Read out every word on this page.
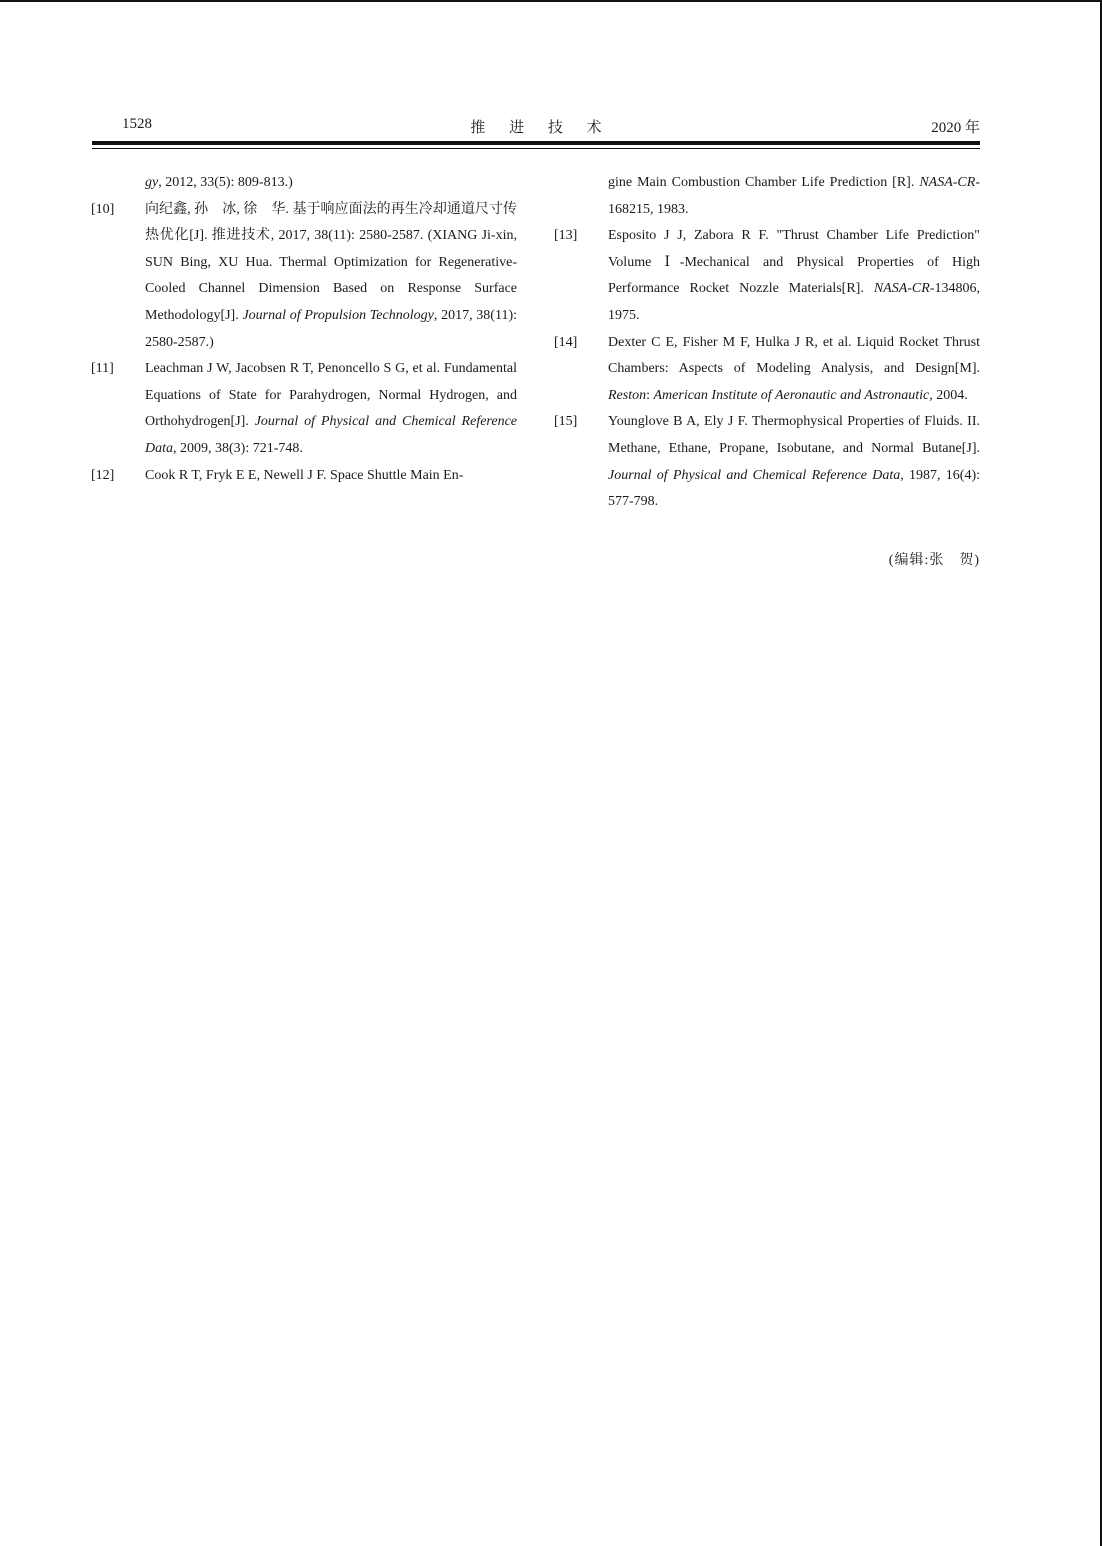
1528	推 进 技 术	2020 年
gy, 2012, 33(5): 809-813.)
[10]	向纪鑫, 孙　冰, 徐　华. 基于响应面法的再生冷却通道尺寸传热优化[J]. 推进技术, 2017, 38(11): 2580-2587. (XIANG Ji-xin, SUN Bing, XU Hua. Thermal Optimization for Regenerative-Cooled Channel Dimension Based on Response Surface Methodology[J]. Journal of Propulsion Technology, 2017, 38(11): 2580-2587.)
[11]	Leachman J W, Jacobsen R T, Penoncello S G, et al. Fundamental Equations of State for Parahydrogen, Normal Hydrogen, and Orthohydrogen[J]. Journal of Physical and Chemical Reference Data, 2009, 38(3): 721-748.
[12]	Cook R T, Fryk E E, Newell J F. Space Shuttle Main En-
gine Main Combustion Chamber Life Prediction [R]. NASA-CR-168215, 1983.
[13]	Esposito J J, Zabora R F. "Thrust Chamber Life Prediction" Volume Ⅰ-Mechanical and Physical Properties of High Performance Rocket Nozzle Materials[R]. NASA-CR-134806, 1975.
[14]	Dexter C E, Fisher M F, Hulka J R, et al. Liquid Rocket Thrust Chambers: Aspects of Modeling Analysis, and Design[M]. Reston: American Institute of Aeronautic and Astronautic, 2004.
[15]	Younglove B A, Ely J F. Thermophysical Properties of Fluids. II. Methane, Ethane, Propane, Isobutane, and Normal Butane[J]. Journal of Physical and Chemical Reference Data, 1987, 16(4): 577-798.
(编辑:张　贺)
